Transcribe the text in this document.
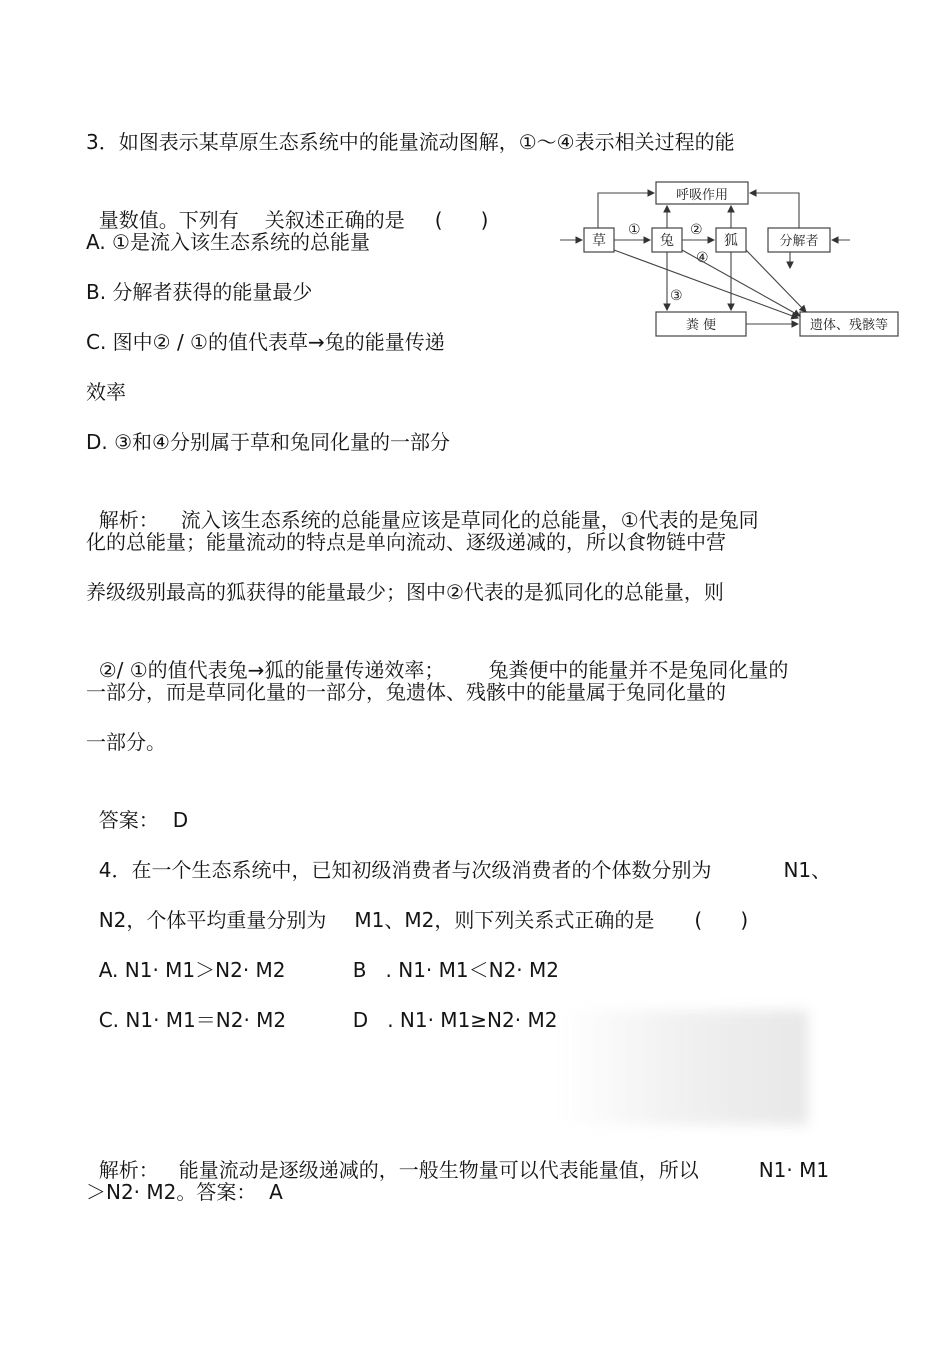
3．如图表示某草原生态系统中的能量流动图解，①～④表示相关过程的能

量数值。下列有 关叙述正确的是 (      )

A. ①是流入该生态系统的总能量
B. 分解者获得的能量最少
C. 图中② / ①的值代表草→兔的能量传递
效率
D. ③和④分别属于草和兔同化量的一部分

解析： 流入该生态系统的总能量应该是草同化的总能量，①代表的是兔同

化的总能量；能量流动的特点是单向流动、逐级递减的，所以食物链中营
养级级别最高的狐获得的能量最少；图中②代表的是狐同化的总能量，则

②/ ①的值代表兔→狐的能量传递效率； 兔粪便中的能量并不是兔同化量的

一部分，而是草同化量的一部分，兔遗体、残骸中的能量属于兔同化量的
一部分。

答案： D

呼吸作用
草	兔	狐	分解者
粪 便	遗体、残骸等
①	②
④
③

4．在一个生态系统中，已知初级消费者与次级消费者的个体数分别为	N1、

N2，个体平均重量分别为 M1、M2，则下列关系式正确的是 (      )

A. N1· M1＞N2· M2	B   . N1· M1＜N2· M2

C. N1· M1＝N2· M2	D   . N1· M1≥N2· M2

解析： 能量流动是逐级递减的，一般生物量可以代表能量值，所以	N1· M1

＞N2· M2。答案：  A
